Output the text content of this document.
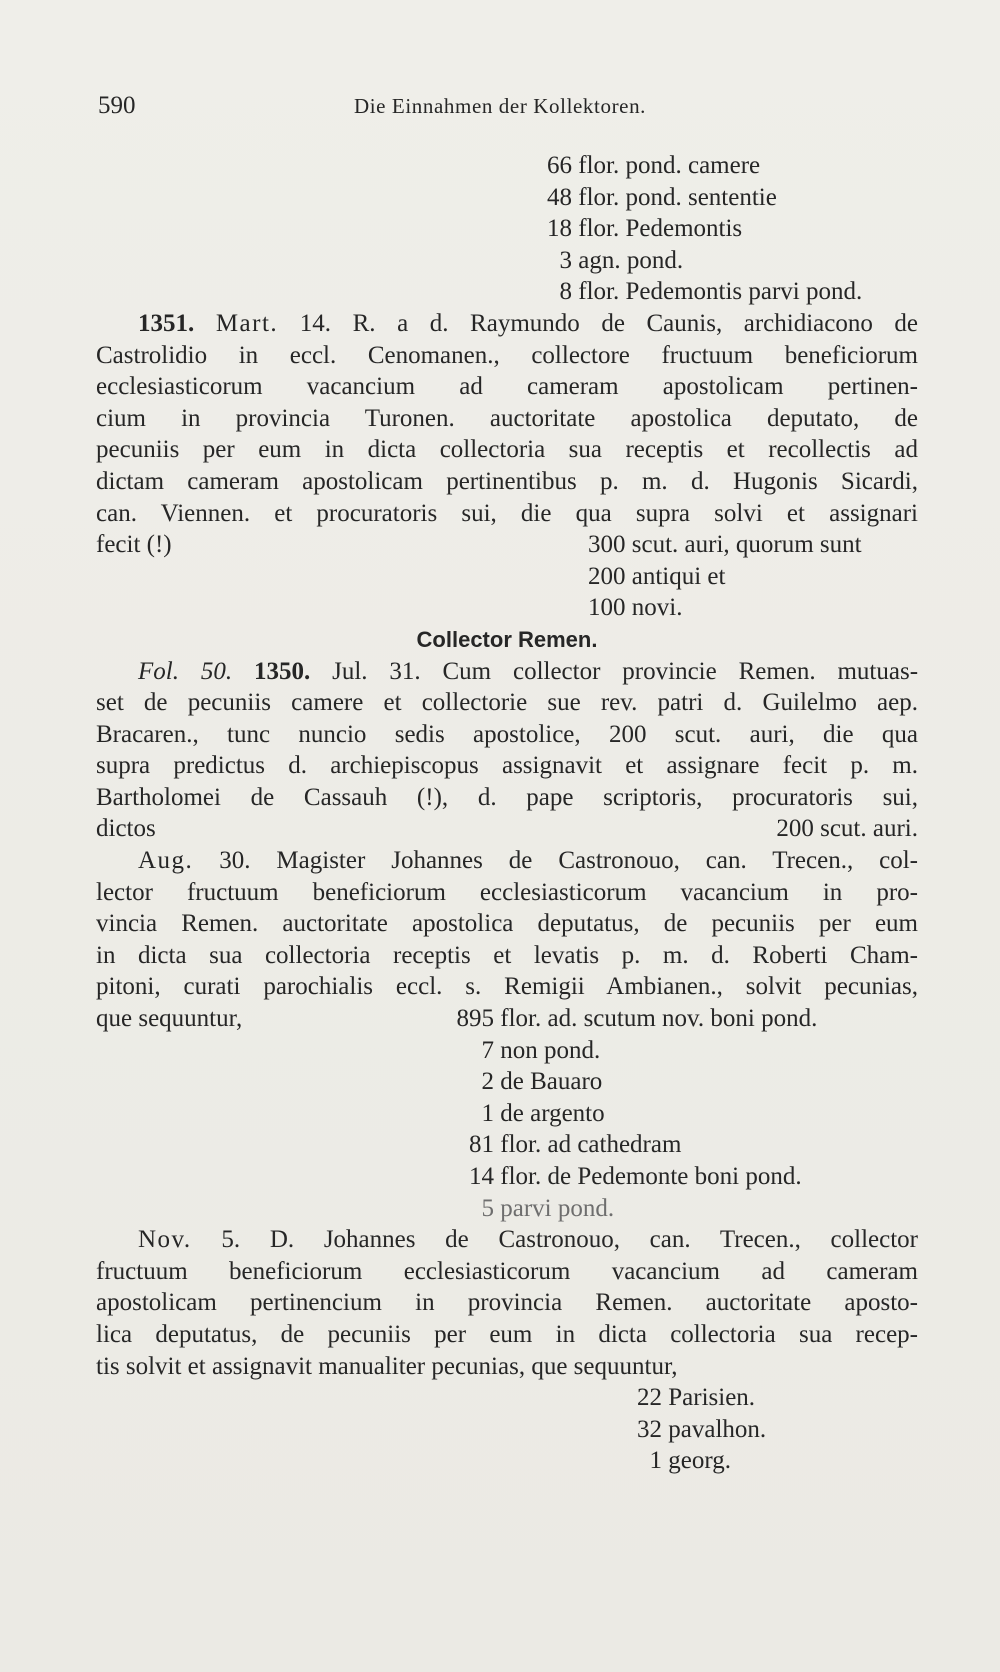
590	Die Einnahmen der Kollektoren.
66 flor. pond. camere
48 flor. pond. sententie
18 flor. Pedemontis
3 agn. pond.
8 flor. Pedemontis parvi pond.
1351. Mart. 14. R. a d. Raymundo de Caunis, archidiacono de
Castrolidio in eccl. Cenomanen., collectore fructuum beneficiorum
ecclesiasticorum vacancium ad cameram apostolicam pertinen-
cium in provincia Turonen. auctoritate apostolica deputato, de
pecuniis per eum in dicta collectoria sua receptis et recollectis ad
dictam cameram apostolicam pertinentibus p. m. d. Hugonis Sicardi,
can. Viennen. et procuratoris sui, die qua supra solvi et assignari
fecit (!)	300 scut. auri, quorum sunt
200 antiqui et
100 novi.
Collector Remen.
Fol. 50. 1350. Jul. 31. Cum collector provincie Remen. mutuas-
set de pecuniis camere et collectorie sue rev. patri d. Guilelmo aep.
Bracaren., tunc nuncio sedis apostolice, 200 scut. auri, die qua
supra predictus d. archiepiscopus assignavit et assignare fecit p. m.
Bartholomei de Cassauh (!), d. pape scriptoris, procuratoris sui,
dictos	200 scut. auri.
Aug. 30. Magister Johannes de Castronouo, can. Trecen., col-
lector fructuum beneficiorum ecclesiasticorum vacancium in pro-
vincia Remen. auctoritate apostolica deputatus, de pecuniis per eum
in dicta sua collectoria receptis et levatis p. m. d. Roberti Cham-
pitoni, curati parochialis eccl. s. Remigii Ambianen., solvit pecunias,
que sequuntur,	895 flor. ad. scutum nov. boni pond.
7 non pond.
2 de Bauaro
1 de argento
81 flor. ad cathedram
14 flor. de Pedemonte boni pond.
5 parvi pond.
Nov. 5. D. Johannes de Castronouo, can. Trecen., collector
fructuum beneficiorum ecclesiasticorum vacancium ad cameram
apostolicam pertinencium in provincia Remen. auctoritate aposto-
lica deputatus, de pecuniis per eum in dicta collectoria sua recep-
tis solvit et assignavit manualiter pecunias, que sequuntur,
22 Parisien.
32 pavalhon.
1 georg.
